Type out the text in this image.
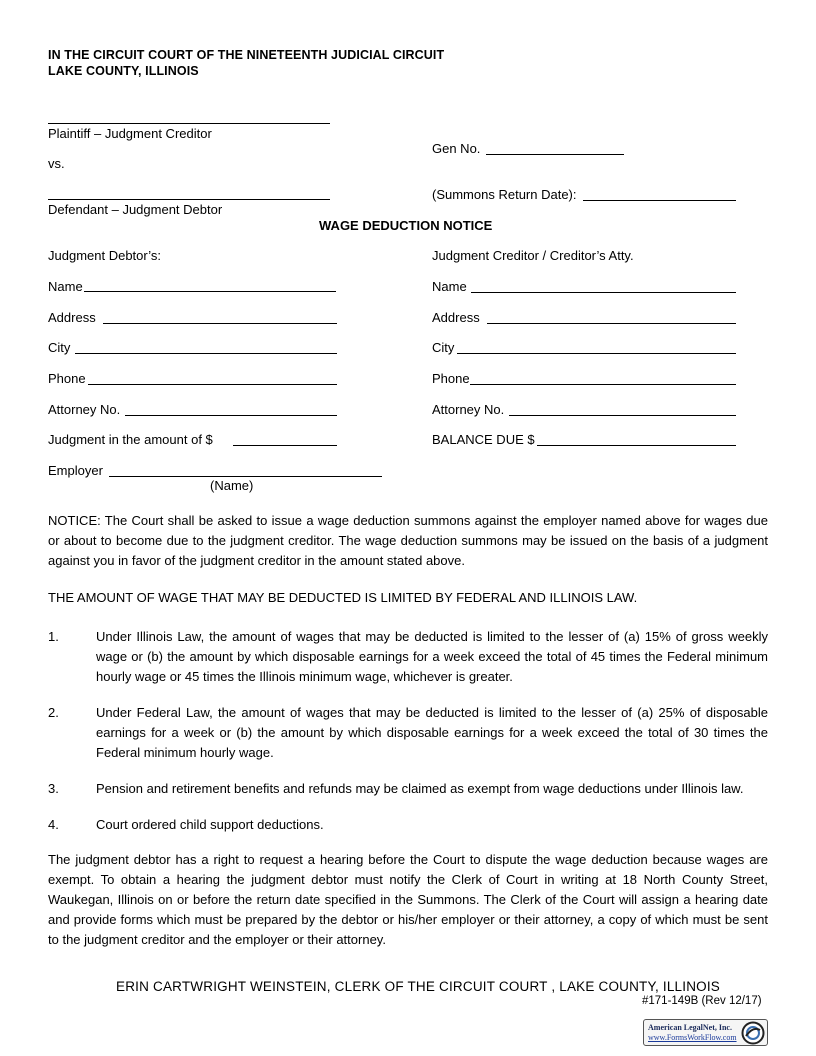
IN THE CIRCUIT COURT OF THE NINETEENTH JUDICIAL CIRCUIT
LAKE COUNTY, ILLINOIS
Plaintiff – Judgment Creditor
vs.
Defendant – Judgment Debtor
Gen No.
(Summons Return Date):
WAGE DEDUCTION NOTICE
Judgment Debtor’s:
Name
Address
City
Phone
Attorney No.
Judgment in the amount of $
Employer
(Name)
Judgment Creditor / Creditor’s Atty.
Name
Address
City
Phone
Attorney No.
BALANCE DUE $
NOTICE: The Court shall be asked to issue a wage deduction summons against the employer named above for wages due or about to become due to the judgment creditor. The wage deduction summons may be issued on the basis of a judgment against you in favor of the judgment creditor in the amount stated above.
THE AMOUNT OF WAGE THAT MAY BE DEDUCTED IS LIMITED BY FEDERAL AND ILLINOIS LAW.
1.	Under Illinois Law, the amount of wages that may be deducted is limited to the lesser of (a) 15% of gross weekly wage or (b) the amount by which disposable earnings for a week exceed the total of 45 times the Federal minimum hourly wage or 45 times the Illinois minimum wage, whichever is greater.
2.	Under Federal Law, the amount of wages that may be deducted is limited to the lesser of (a) 25% of disposable earnings for a week or (b) the amount by which disposable earnings for a week exceed the total of 30 times the Federal minimum hourly wage.
3.	Pension and retirement benefits and refunds may be claimed as exempt from wage deductions under Illinois law.
4.	Court ordered child support deductions.
The judgment debtor has a right to request a hearing before the Court to dispute the wage deduction because wages are exempt. To obtain a hearing the judgment debtor must notify the Clerk of Court in writing at 18 North County Street, Waukegan, Illinois on or before the return date specified in the Summons. The Clerk of the Court will assign a hearing date and provide forms which must be prepared by the debtor or his/her employer or their attorney, a copy of which must be sent to the judgment creditor and the employer or their attorney.
ERIN CARTWRIGHT WEINSTEIN, CLERK OF THE CIRCUIT COURT , LAKE COUNTY, ILLINOIS
#171-149B (Rev 12/17)
American LegalNet, Inc.
www.FormsWorkFlow.com
